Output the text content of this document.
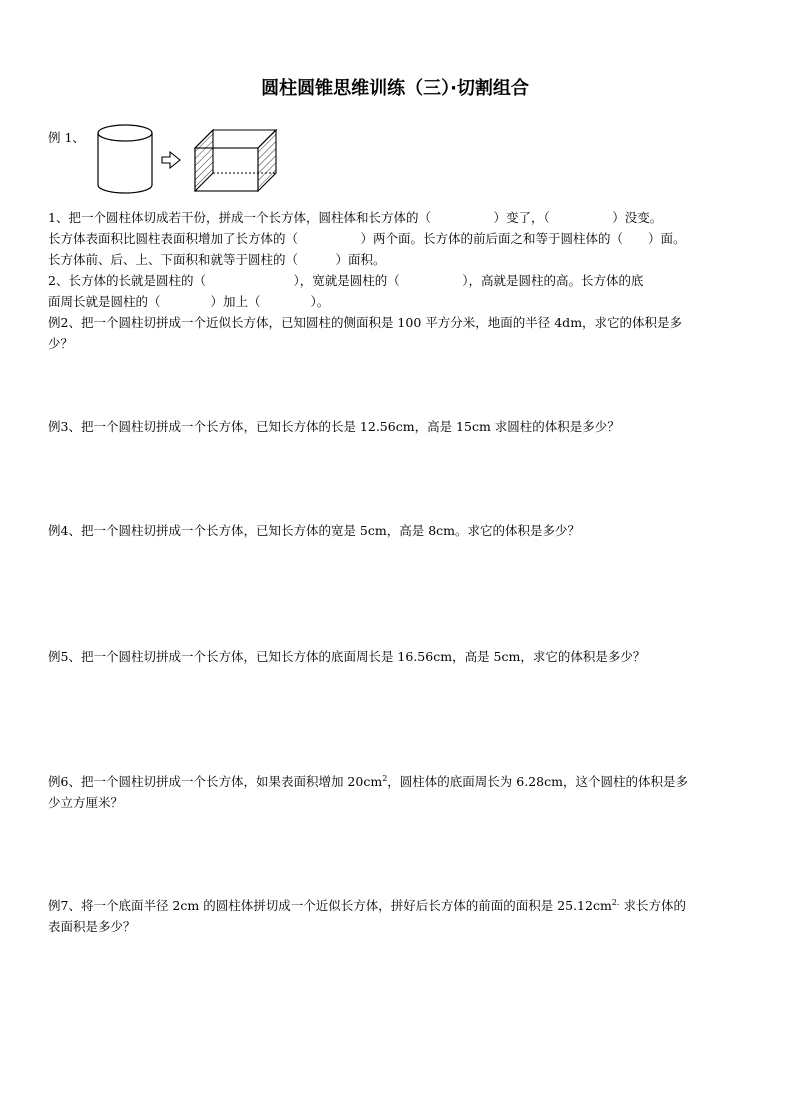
圆柱圆锥思维训练（三）·切割组合
例 1、
1、把一个圆柱体切成若干份，拼成一个长方体，圆柱体和长方体的（　　　　　）变了，（　　　　　）没变。
长方体表面积比圆柱表面积增加了长方体的（　　　　　）两个面。长方体的前后面之和等于圆柱体的（　　）面。
长方体前、后、上、下面积和就等于圆柱的（　　　）面积。
2、长方体的长就是圆柱的（　　　　　　　），宽就是圆柱的（　　　　　），高就是圆柱的高。长方体的底
面周长就是圆柱的（　　　　）加上（　　　　）。
例2、把一个圆柱切拼成一个近似长方体，已知圆柱的侧面积是 100 平方分米，地面的半径 4dm，求它的体积是多
少？
例3、把一个圆柱切拼成一个长方体，已知长方体的长是 12.56cm，高是 15cm 求圆柱的体积是多少？
例4、把一个圆柱切拼成一个长方体，已知长方体的宽是 5cm，高是 8cm。求它的体积是多少？
例5、把一个圆柱切拼成一个长方体，已知长方体的底面周长是 16.56cm，高是 5cm，求它的体积是多少？
例6、把一个圆柱切拼成一个长方体，如果表面积增加 $20cm^2$，圆柱体的底面周长为 6.28cm，这个圆柱的体积是多
少立方厘米？
例7、将一个底面半径 2cm 的圆柱体拼切成一个近似长方体，拼好后长方体的前面的面积是 $25.12cm^{2.}$ 求长方体的
表面积是多少？
